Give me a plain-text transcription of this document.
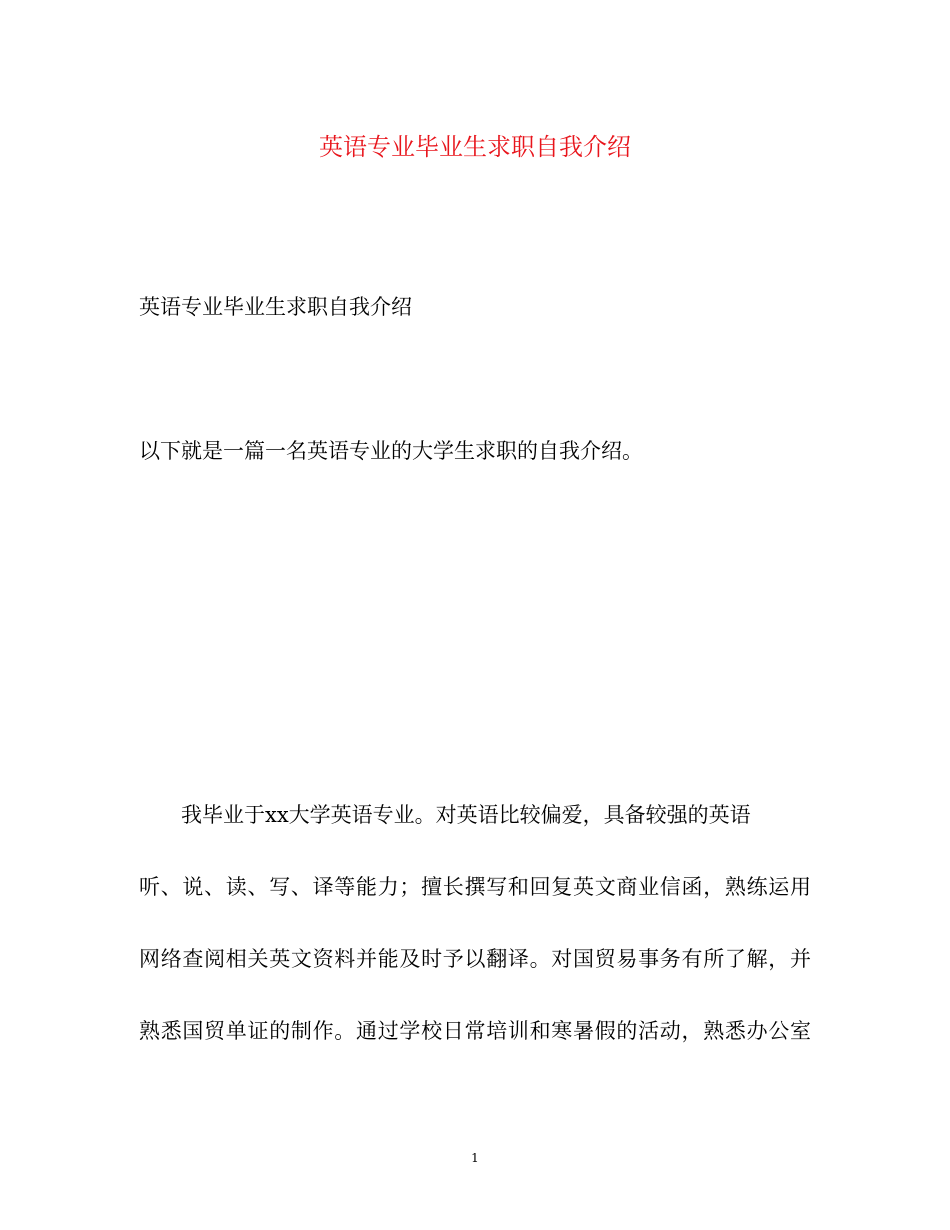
英语专业毕业生求职自我介绍

英语专业毕业生求职自我介绍

以下就是一篇一名英语专业的大学生求职的自我介绍。

我毕业于xx大学英语专业。对英语比较偏爱，具备较强的英语

听、说、读、写、译等能力；擅长撰写和回复英文商业信函，熟练运用

网络查阅相关英文资料并能及时予以翻译。对国贸易事务有所了解，并

熟悉国贸单证的制作。通过学校日常培训和寒暑假的活动，熟悉办公室

1
